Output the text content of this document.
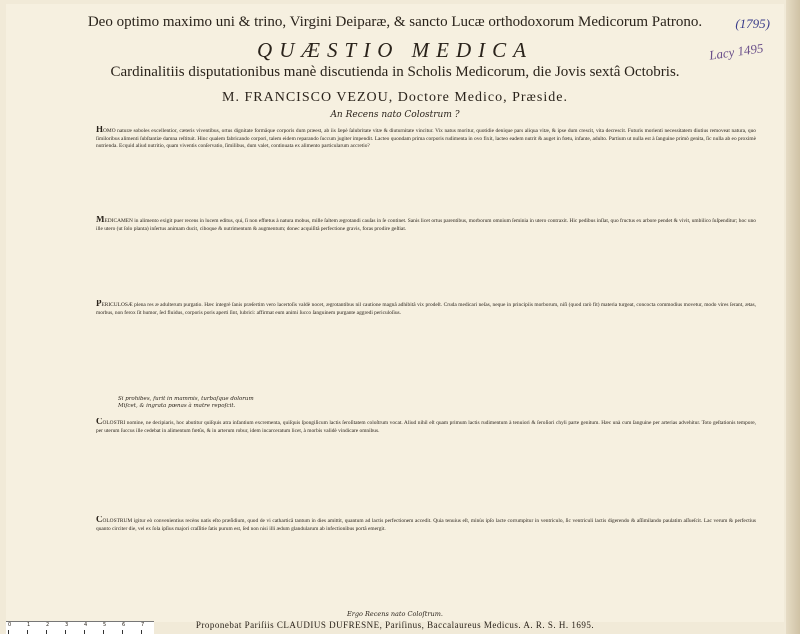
Deo optimo maximo uni & trino, Virgini Deiparæ, & sancto Lucæ orthodoxorum Medicorum Patrono.
QUÆSTIO MEDICA
Cardinalitiis disputationibus manè discutienda in Scholis Medicorum, die Jovis sextâ Octobris.
M. FRANCISCO VEZOU, Doctore Medico, Præside.
An Recens nato Colostrum ?
(1795)
Lacy 1495
HOMO naturæ soboles excellentior, cæteris viventibus, ortus dignitate formâque corporis dum præest, ab iis ſæpè ſalubritate vitæ & diuturnitate vincitur. Vix natus moritur, quotidie denique pars aliqua vitæ, & ipse dum crescit, vita decrescit. Futuris morienti necessitatem diutius removeat natura, quo ſimiloribus alimenti ſubſtantiæ damna reſtituit. Hinc qualem fabricando corpori, talem eidem reparando ſuccum jugiter impendit. Lacteo quondam prima corporis rudimenta in ovo fixit, lacteo eadem nutrit & auget in fœtu, infante, adulto. Partium ut nulla est à ſanguine primò genita, ſic nulla ab eo proximè nutrienda. Ecquid aliud nutritio, quam viventis conſervatio, ſimilibus, dum valet, continuata ex alimento particularum accretio?
MEDICAMEN in alimento exigit puer recens in lucem editus, qui, ſi non effœtus à natura mobus, mille ſaltem ægrotandi cauſas in ſe continet. Sanis licet ortus parentibus, morborum omnium ſeminia in utero contraxit. Hic pedibus inſlat, quo fructus ex arbore pendet & vivit, umbilico ſuſpenditur; hoc uno ille utero (ut ſolo planta) inſertus animam ducit, ciboque & nutrimentum & augmentum; donec acquiſitâ perfectione gravis, foras prodire geſtiat.
PERICULOSÆ plena res æ adulterum purgatio. Hæc integrè ſanis præſertim vero lacertoſis valdè nocet, ægrotantibus nil cautione magnâ adhibitâ vix prodeſt. Cruda medicari neſas, neque in principiis morborum, niſi (quod rarò fit) materia turgeat, concocta commodius movetur, modo vires ſerant, ætas, morbus, non ferox ſit humor, ſed fluidus, corporis poris aperti ſint, lubrici: affirmat eum animi ſucco ſanguinem purgante aggredi periculoſius.
Si prohibes, furit in mammis, turbaſque dolorum
Miſcet, & ingrata pœnas à matre repoſcit.
COLOSTRI nomine, ne decipiaris, hoc abutitur quiſquis atra infantium excrementa, quiſquis ſpongiſicum lactis ſeroſitatem coloſtrum vocat. Aliud nihil eſt quam primum lactis rudimentum à tenuiori & ſeroſiori chyli parte genitum. Hæc unà cum ſanguine per arterias advehitur. Toto geſtationis tempore, per uterum ſuccus ille cedebat in alimentum fœtûs, & in arterum robur, idem incarceratum licet, à morbis validè vindicare omnibus.
COLOSTRUM igitur eò convenientius recèns natis eſto præſidium, quod de vi catharticâ tantum in dies amittit, quantum ad lactis perfectionem accedit. Quia tenuius eſt, minùs ipſo lacte corrumpitur in ventriculo, ſic ventriculi lactis digerendo & aſſimilando paulatim aſſueſcit. Lac verum & perfectius quanto circiter die, vel ex ſola ipſius majori craſſitie ſatis purum est, ſed non nisi illi ædum glandularum ab infectionibus portâ emergit.
Ergo Recens nato Coloſtrum.
Proponebat Pariſiis CLAUDIUS DUFRESNE, Pariſinus, Baccalaureus Medicus. A. R. S. H. 1695.
0	1	2	3	4	5	6	7
